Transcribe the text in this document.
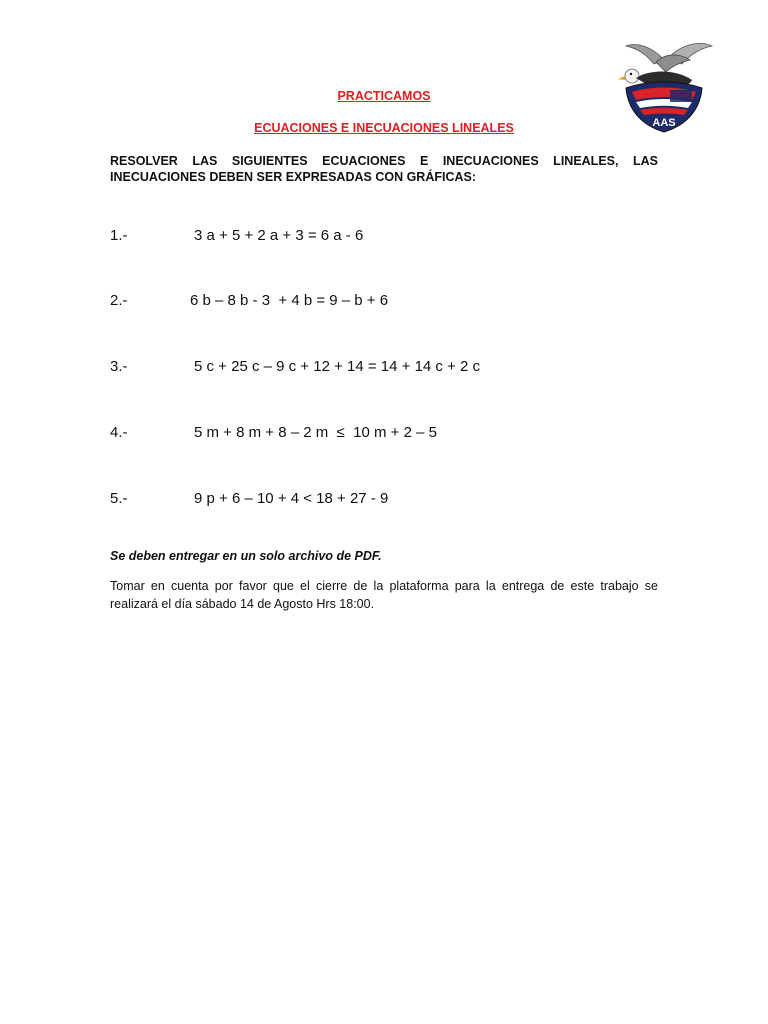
AAS
PRACTICAMOS
ECUACIONES E INECUACIONES LINEALES
RESOLVER LAS SIGUIENTES ECUACIONES E INECUACIONES LINEALES, LAS INECUACIONES DEBEN SER EXPRESADAS CON GRÁFICAS:
1.-	3 a + 5 + 2 a + 3 = 6 a - 6
2.-	6 b – 8 b - 3  + 4 b = 9 – b + 6
3.-	5 c + 25 c – 9 c + 12 + 14 = 14 + 14 c + 2 c
4.-	5 m + 8 m + 8 – 2 m  ≤  10 m + 2 – 5
5.-	9 p + 6 – 10 + 4 < 18 + 27 - 9
Se deben entregar en un solo archivo de PDF.
Tomar en cuenta por favor que el cierre de la plataforma para la entrega de este trabajo se realizará el día sábado 14 de Agosto Hrs 18:00.
